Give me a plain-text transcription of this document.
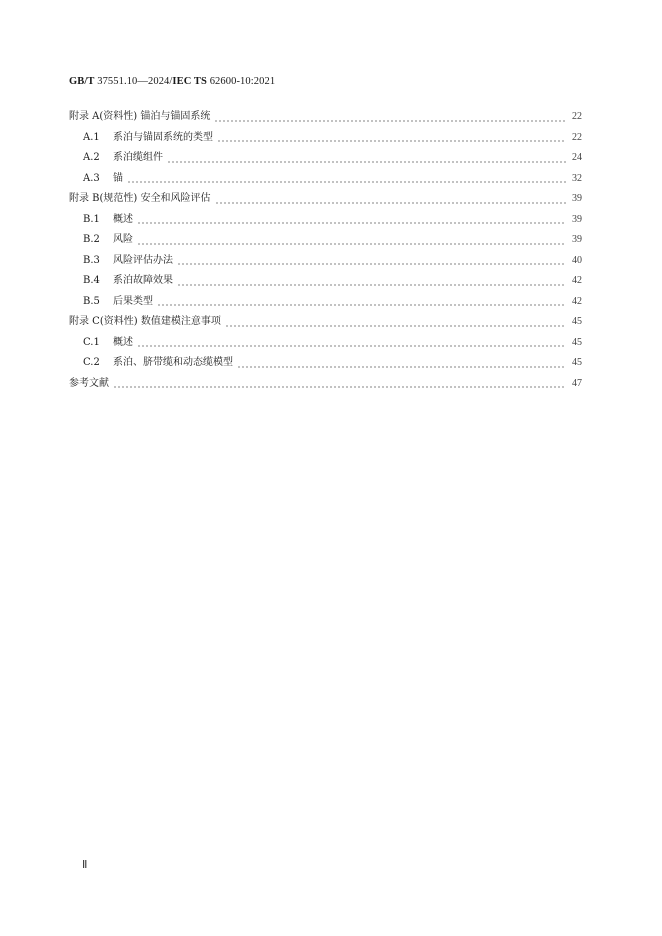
GB/T 37551.10—2024/IEC TS 62600-10:2021
附录 A(资料性) 锚泊与锚固系统	22
A.1 系泊与锚固系统的类型	22
A.2 系泊缆组件	24
A.3 锚	32
附录 B(规范性) 安全和风险评估	39
B.1 概述	39
B.2 风险	39
B.3 风险评估办法	40
B.4 系泊故障效果	42
B.5 后果类型	42
附录 C(资料性) 数值建模注意事项	45
C.1 概述	45
C.2 系泊、脐带缆和动态缆模型	45
参考文献	47
Ⅱ
